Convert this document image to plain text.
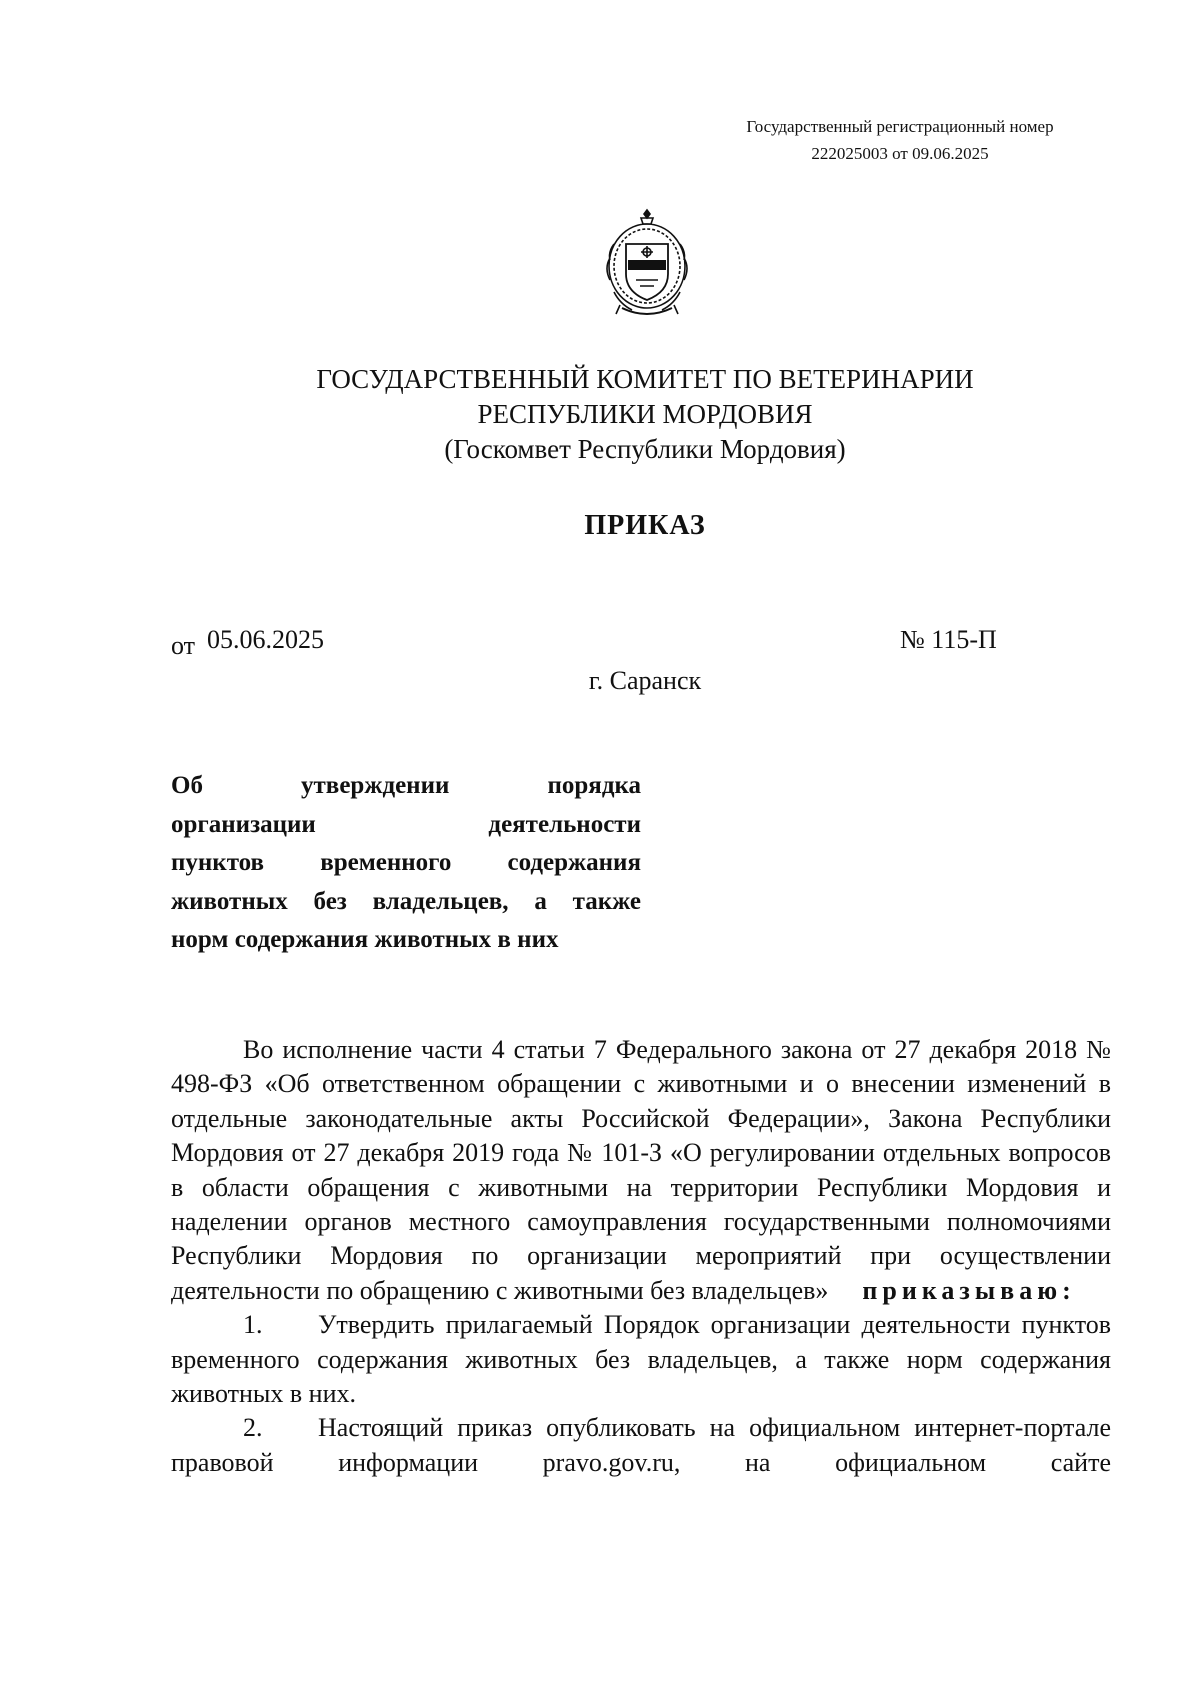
Государственный регистрационный номер
222025003 от 09.06.2025
ГОСУДАРСТВЕННЫЙ КОМИТЕТ ПО ВЕТЕРИНАРИИ
РЕСПУБЛИКИ МОРДОВИЯ
(Госкомвет Республики Мордовия)
ПРИКАЗ
от 05.06.2025	№ 115-П
г. Саранск
Об утверждении порядка
организации деятельности
пунктов временного содержания
животных без владельцев, а также
норм содержания животных в них

Во исполнение части 4 статьи 7 Федерального закона от 27 декабря 2018 № 498-ФЗ «Об ответственном обращении с животными и о внесении изменений в отдельные законодательные акты Российской Федерации», Закона Республики Мордовия от 27 декабря 2019 года № 101-З «О регулировании отдельных вопросов в области обращения с животными на территории Республики Мордовия и наделении органов местного самоуправления государственными полномочиями Республики Мордовия по организации мероприятий при осуществлении деятельности по обращению с животными без владельцев» приказываю:

1. Утвердить прилагаемый Порядок организации деятельности пунктов временного содержания животных без владельцев, а также норм содержания животных в них.

2. Настоящий приказ опубликовать на официальном интернет-портале правовой информации pravo.gov.ru, на официальном сайте
